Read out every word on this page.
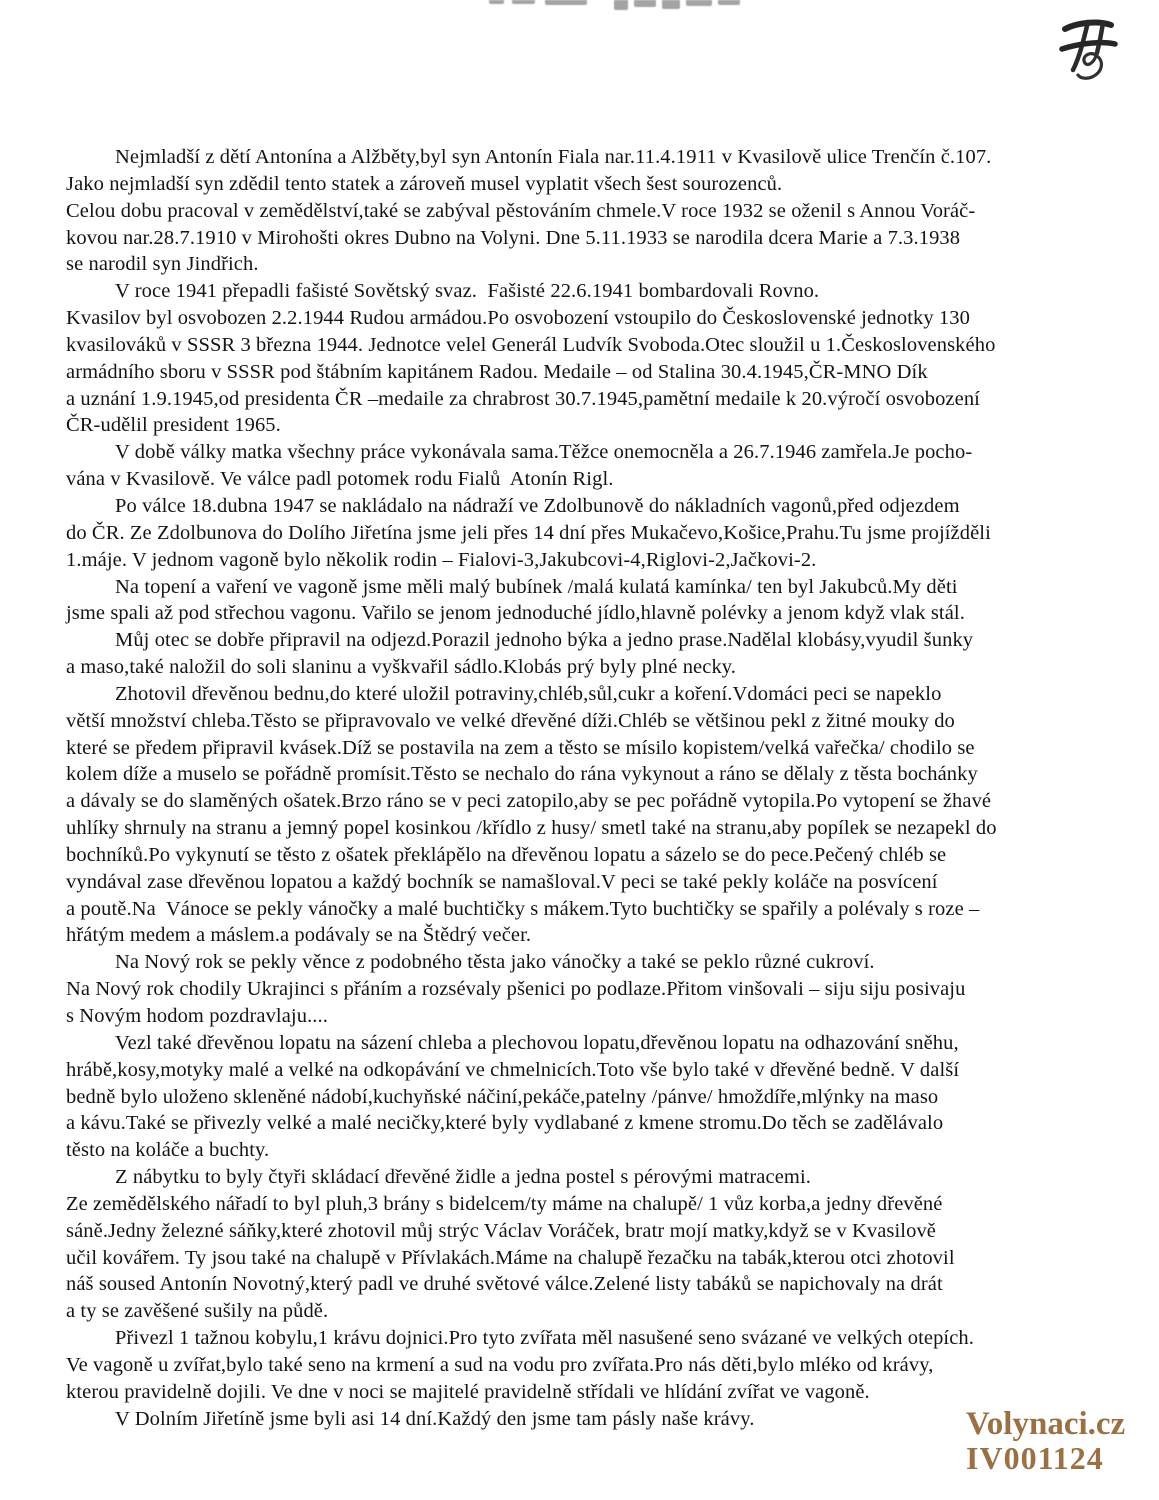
Nejmladší z dětí Antonína a Alžběty,byl syn Antonín Fiala nar.11.4.1911 v Kvasilově ulice Trenčín č.107.
Jako nejmladší syn zdědil tento statek a zároveň musel vyplatit všech šest sourozenců.
Celou dobu pracoval v zemědělství,také se zabýval pěstováním chmele.V roce 1932 se oženil s Annou Voráč-
kovou nar.28.7.1910 v Mirohošti okres Dubno na Volyni. Dne 5.11.1933 se narodila dcera Marie a 7.3.1938
se narodil syn Jindřich.
V roce 1941 přepadli fašisté Sovětský svaz.  Fašisté 22.6.1941 bombardovali Rovno.
Kvasilov byl osvobozen 2.2.1944 Rudou armádou.Po osvobození vstoupilo do Československé jednotky 130
kvasilováků v SSSR 3 března 1944. Jednotce velel Generál Ludvík Svoboda.Otec sloužil u 1.Československého
armádního sboru v SSSR pod štábním kapitánem Radou. Medaile – od Stalina 30.4.1945,ČR-MNO Dík
a uznání 1.9.1945,od presidenta ČR –medaile za chrabrost 30.7.1945,pamětní medaile k 20.výročí osvobození
ČR-udělil president 1965.
V době války matka všechny práce vykonávala sama.Těžce onemocněla a 26.7.1946 zamřela.Je pocho-
vána v Kvasilově. Ve válce padl potomek rodu Fialů  Atonín Rigl.
Po válce 18.dubna 1947 se nakládalo na nádraží ve Zdolbunově do nákladních vagonů,před odjezdem
do ČR. Ze Zdolbunova do Dolího Jiřetína jsme jeli přes 14 dní přes Mukačevo,Košice,Prahu.Tu jsme projížděli
1.máje. V jednom vagoně bylo několik rodin – Fialovi-3,Jakubcovi-4,Riglovi-2,Jačkovi-2.
Na topení a vaření ve vagoně jsme měli malý bubínek /malá kulatá kamínka/ ten byl Jakubců.My děti
jsme spali až pod střechou vagonu. Vařilo se jenom jednoduché jídlo,hlavně polévky a jenom když vlak stál.
Můj otec se dobře připravil na odjezd.Porazil jednoho býka a jedno prase.Nadělal klobásy,vyudil šunky
a maso,také naložil do soli slaninu a vyškvařil sádlo.Klobás prý byly plné necky.
Zhotovil dřevěnou bednu,do které uložil potraviny,chléb,sůl,cukr a koření.Vdomáci peci se napeklo
větší množství chleba.Těsto se připravovalo ve velké dřevěné díži.Chléb se většinou pekl z žitné mouky do
které se předem připravil kvásek.Díž se postavila na zem a těsto se mísilo kopistem/velká vařečka/ chodilo se
kolem díže a muselo se pořádně promísit.Těsto se nechalo do rána vykynout a ráno se dělaly z těsta bochánky
a dávaly se do slaměných ošatek.Brzo ráno se v peci zatopilo,aby se pec pořádně vytopila.Po vytopení se žhavé
uhlíky shrnuly na stranu a jemný popel kosinkou /křídlo z husy/ smetl také na stranu,aby popílek se nezapekl do
bochníků.Po vykynutí se těsto z ošatek překlápělo na dřevěnou lopatu a sázelo se do pece.Pečený chléb se
vyndával zase dřevěnou lopatou a každý bochník se namašloval.V peci se také pekly koláče na posvícení
a poutě.Na  Vánoce se pekly vánočky a malé buchtičky s mákem.Tyto buchtičky se spařily a polévaly s roze –
hřátým medem a máslem.a podávaly se na Štědrý večer.
Na Nový rok se pekly věnce z podobného těsta jako vánočky a také se peklo různé cukroví.
Na Nový rok chodily Ukrajinci s přáním a rozsévaly pšenici po podlaze.Přitom vinšovali – siju siju posivaju
s Novým hodom pozdravlaju....
Vezl také dřevěnou lopatu na sázení chleba a plechovou lopatu,dřevěnou lopatu na odhazování sněhu,
hrábě,kosy,motyky malé a velké na odkopávání ve chmelnicích.Toto vše bylo také v dřevěné bedně. V další
bedně bylo uloženo skleněné nádobí,kuchyňské náčiní,pekáče,patelny /pánve/ hmoždíře,mlýnky na maso
a kávu.Také se přivezly velké a malé necičky,které byly vydlabané z kmene stromu.Do těch se zadělávalo
těsto na koláče a buchty.
Z nábytku to byly čtyři skládací dřevěné židle a jedna postel s pérovými matracemi.
Ze zemědělského nářadí to byl pluh,3 brány s bidelcem/ty máme na chalupě/ 1 vůz korba,a jedny dřevěné
sáně.Jedny železné sáňky,které zhotovil můj strýc Václav Voráček, bratr mojí matky,když se v Kvasilově
učil kovářem. Ty jsou také na chalupě v Přívlakách.Máme na chalupě řezačku na tabák,kterou otci zhotovil
náš soused Antonín Novotný,který padl ve druhé světové válce.Zelené listy tabáků se napichovaly na drát
a ty se zavěšené sušily na půdě.
Přivezl 1 tažnou kobylu,1 krávu dojnici.Pro tyto zvířata měl nasušené seno svázané ve velkých otepích.
Ve vagoně u zvířat,bylo také seno na krmení a sud na vodu pro zvířata.Pro nás děti,bylo mléko od krávy,
kterou pravidelně dojili. Ve dne v noci se majitelé pravidelně střídali ve hlídání zvířat ve vagoně.
V Dolním Jiřetíně jsme byli asi 14 dní.Každý den jsme tam pásly naše krávy.	Volynaci.cz
IV001124
